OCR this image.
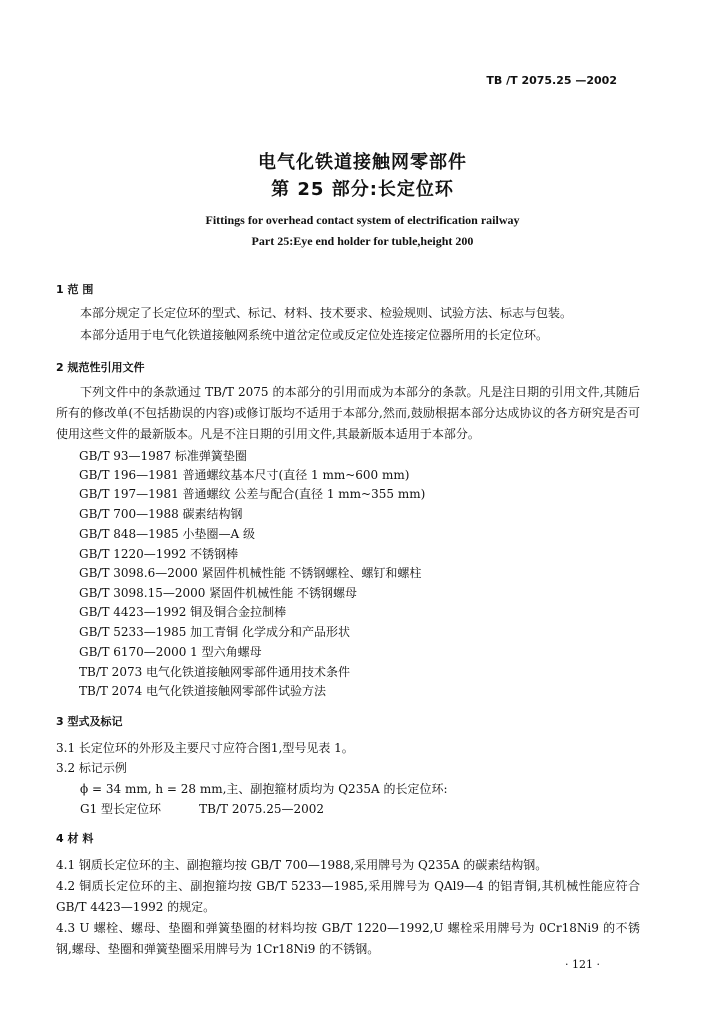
TB /T 2075.25 —2002
电气化铁道接触网零部件
第 25 部分:长定位环
Fittings for overhead contact system of electrification railway
Part 25:Eye end holder for tuble,height 200
1 范 围
本部分规定了长定位环的型式、标记、材料、技术要求、检验规则、试验方法、标志与包装。
本部分适用于电气化铁道接触网系统中道岔定位或反定位处连接定位器所用的长定位环。
2 规范性引用文件
下列文件中的条款通过 TB/T 2075 的本部分的引用而成为本部分的条款。凡是注日期的引用文件,其随后所有的修改单(不包括勘误的内容)或修订版均不适用于本部分,然而,鼓励根据本部分达成协议的各方研究是否可使用这些文件的最新版本。凡是不注日期的引用文件,其最新版本适用于本部分。
GB/T 93—1987 标准弹簧垫圈
GB/T 196—1981 普通螺纹基本尺寸(直径 1 mm~600 mm)
GB/T 197—1981 普通螺纹 公差与配合(直径 1 mm~355 mm)
GB/T 700—1988 碳素结构钢
GB/T 848—1985 小垫圈—A 级
GB/T 1220—1992 不锈钢棒
GB/T 3098.6—2000 紧固件机械性能 不锈钢螺栓、螺钉和螺柱
GB/T 3098.15—2000 紧固件机械性能 不锈钢螺母
GB/T 4423—1992 铜及铜合金拉制棒
GB/T 5233—1985 加工青铜 化学成分和产品形状
GB/T 6170—2000 1 型六角螺母
TB/T 2073 电气化铁道接触网零部件通用技术条件
TB/T 2074 电气化铁道接触网零部件试验方法
3 型式及标记
3.1 长定位环的外形及主要尺寸应符合图1,型号见表 1。
3.2 标记示例
ϕ = 34 mm, h = 28 mm,主、副抱箍材质均为 Q235A 的长定位环:
G1 型长定位环          TB/T 2075.25—2002
4 材 料
4.1 钢质长定位环的主、副抱箍均按 GB/T 700—1988,采用牌号为 Q235A 的碳素结构钢。
4.2 铜质长定位环的主、副抱箍均按 GB/T 5233—1985,采用牌号为 QAl9—4 的铝青铜,其机械性能应符合 GB/T 4423—1992 的规定。
4.3 U 螺栓、螺母、垫圈和弹簧垫圈的材料均按 GB/T 1220—1992,U 螺栓采用牌号为 0Cr18Ni9 的不锈钢,螺母、垫圈和弹簧垫圈采用牌号为 1Cr18Ni9 的不锈钢。
· 121 ·
